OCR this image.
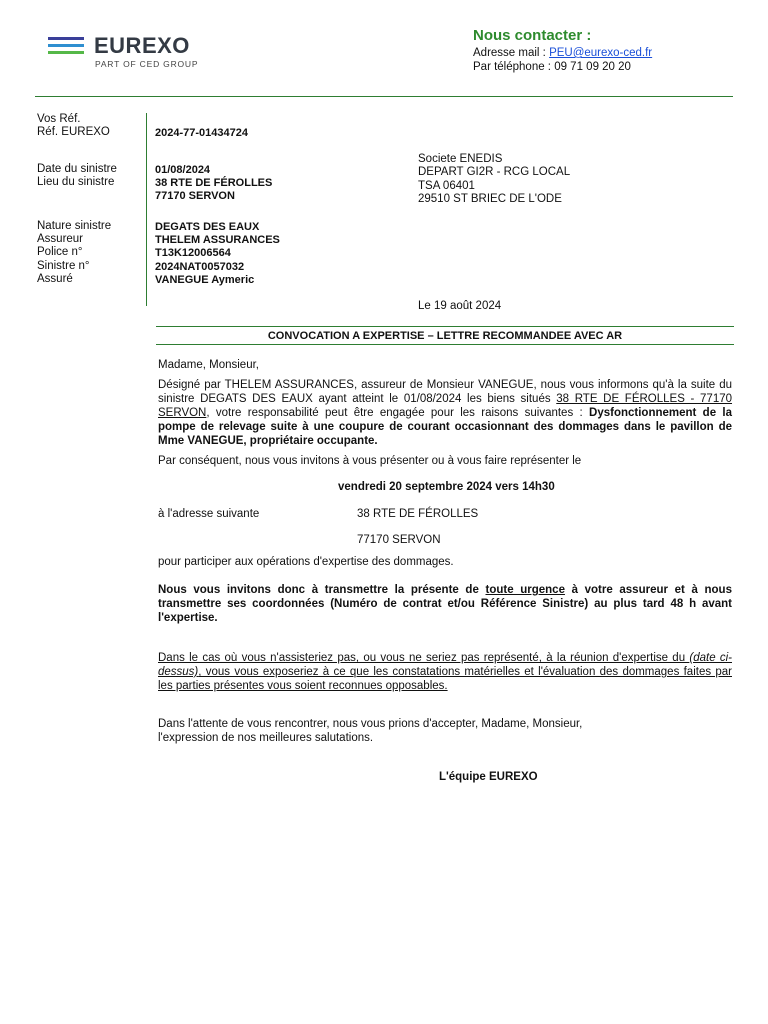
EUREXO
PART OF CED GROUP
Nous contacter :
Adresse mail : PEU@eurexo-ced.fr
Par téléphone : 09 71 09 20 20
Vos Réf.
Réf. EUREXO	2024-77-01434724
Date du sinistre	01/08/2024
Lieu du sinistre	38 RTE DE FÉROLLES
77170 SERVON
Nature sinistre	DEGATS DES EAUX
Assureur	THELEM ASSURANCES
Police n°	T13K12006564
Sinistre n°	2024NAT0057032
Assuré	VANEGUE Aymeric
Societe ENEDIS
DEPART GI2R - RCG LOCAL
TSA 06401
29510 ST BRIEC DE L'ODE
Le 19 août 2024
CONVOCATION A EXPERTISE – LETTRE RECOMMANDEE AVEC AR
Madame, Monsieur,
Désigné par THELEM ASSURANCES, assureur de Monsieur VANEGUE, nous vous informons qu'à la suite du sinistre DEGATS DES EAUX ayant atteint le 01/08/2024 les biens situés 38 RTE DE FÉROLLES - 77170 SERVON, votre responsabilité peut être engagée pour les raisons suivantes : Dysfonctionnement de la pompe de relevage suite à une coupure de courant occasionnant des dommages dans le pavillon de Mme VANEGUE, propriétaire occupante.
Par conséquent, nous vous invitons à vous présenter ou à vous faire représenter le
vendredi 20 septembre 2024 vers 14h30
à l'adresse suivante	38 RTE DE FÉROLLES
77170 SERVON
pour participer aux opérations d'expertise des dommages.
Nous vous invitons donc à transmettre la présente de toute urgence à votre assureur et à nous transmettre ses coordonnées (Numéro de contrat et/ou Référence Sinistre) au plus tard 48 h avant l'expertise.
Dans le cas où vous n'assisteriez pas, ou vous ne seriez pas représenté, à la réunion d'expertise du (date ci-dessus), vous vous exposeriez à ce que les constatations matérielles et l'évaluation des dommages faites par les parties présentes vous soient reconnues opposables.
Dans l'attente de vous rencontrer, nous vous prions d'accepter, Madame, Monsieur,
l'expression de nos meilleures salutations.
L'équipe EUREXO
